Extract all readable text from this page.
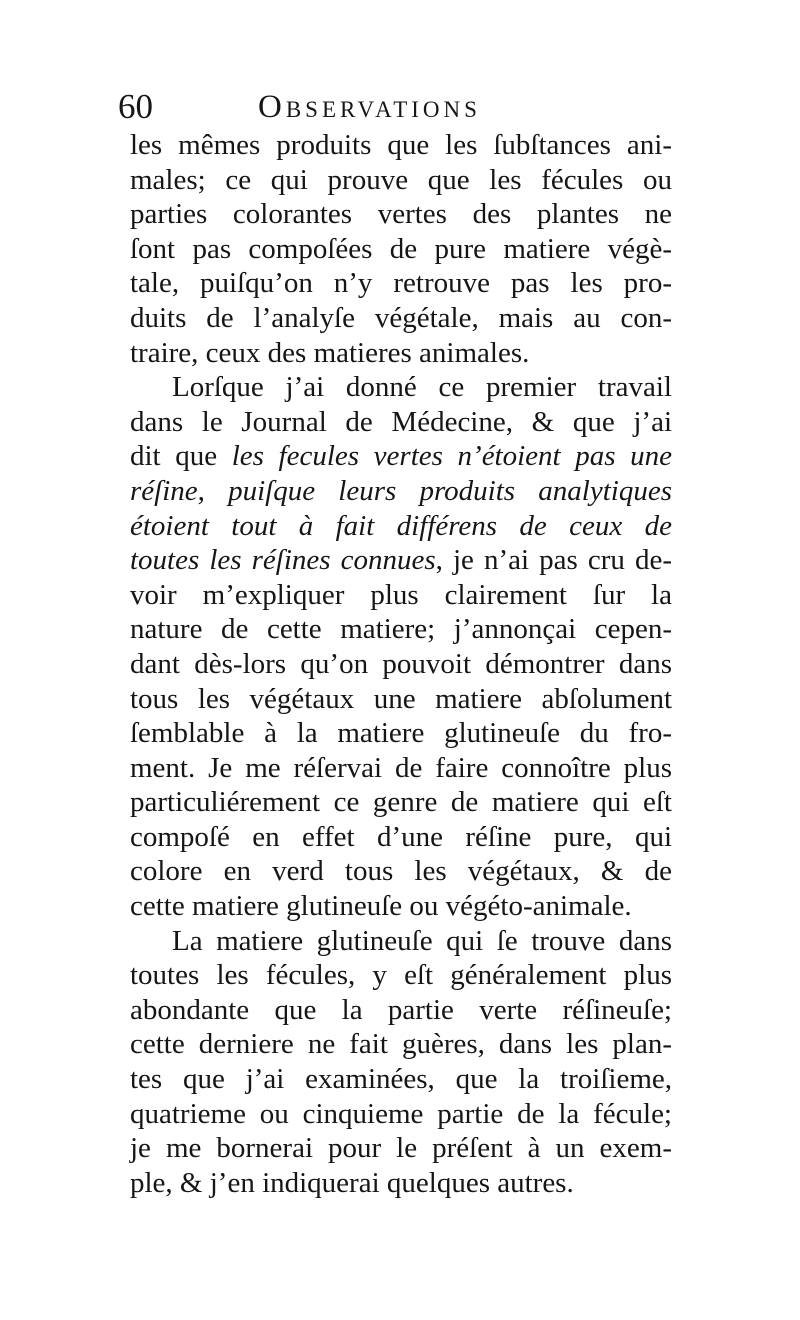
60	Observations
les mêmes produits que les ſubſtances ani-
males; ce qui prouve que les fécules ou
parties colorantes vertes des plantes ne
ſont pas compoſées de pure matiere végè-
tale, puiſqu’on n’y retrouve pas les pro-
duits de l’analyſe végétale, mais au con-
traire, ceux des matieres animales.
Lorſque j’ai donné ce premier travail
dans le Journal de Médecine, & que j’ai
dit que les fecules vertes n’étoient pas une
réſine, puiſque leurs produits analytiques
étoient tout à fait différens de ceux de
toutes les réſines connues, je n’ai pas cru de-
voir m’expliquer plus clairement ſur la
nature de cette matiere; j’annonçai cepen-
dant dès-lors qu’on pouvoit démontrer dans
tous les végétaux une matiere abſolument
ſemblable à la matiere glutineuſe du fro-
ment. Je me réſervai de faire connoître plus
particuliérement ce genre de matiere qui eſt
compoſé en effet d’une réſine pure, qui
colore en verd tous les végétaux, & de
cette matiere glutineuſe ou végéto-animale.
La matiere glutineuſe qui ſe trouve dans
toutes les fécules, y eſt généralement plus
abondante que la partie verte réſineuſe;
cette derniere ne fait guères, dans les plan-
tes que j’ai examinées, que la troiſieme,
quatrieme ou cinquieme partie de la fécule;
je me bornerai pour le préſent à un exem-
ple, & j’en indiquerai quelques autres.
